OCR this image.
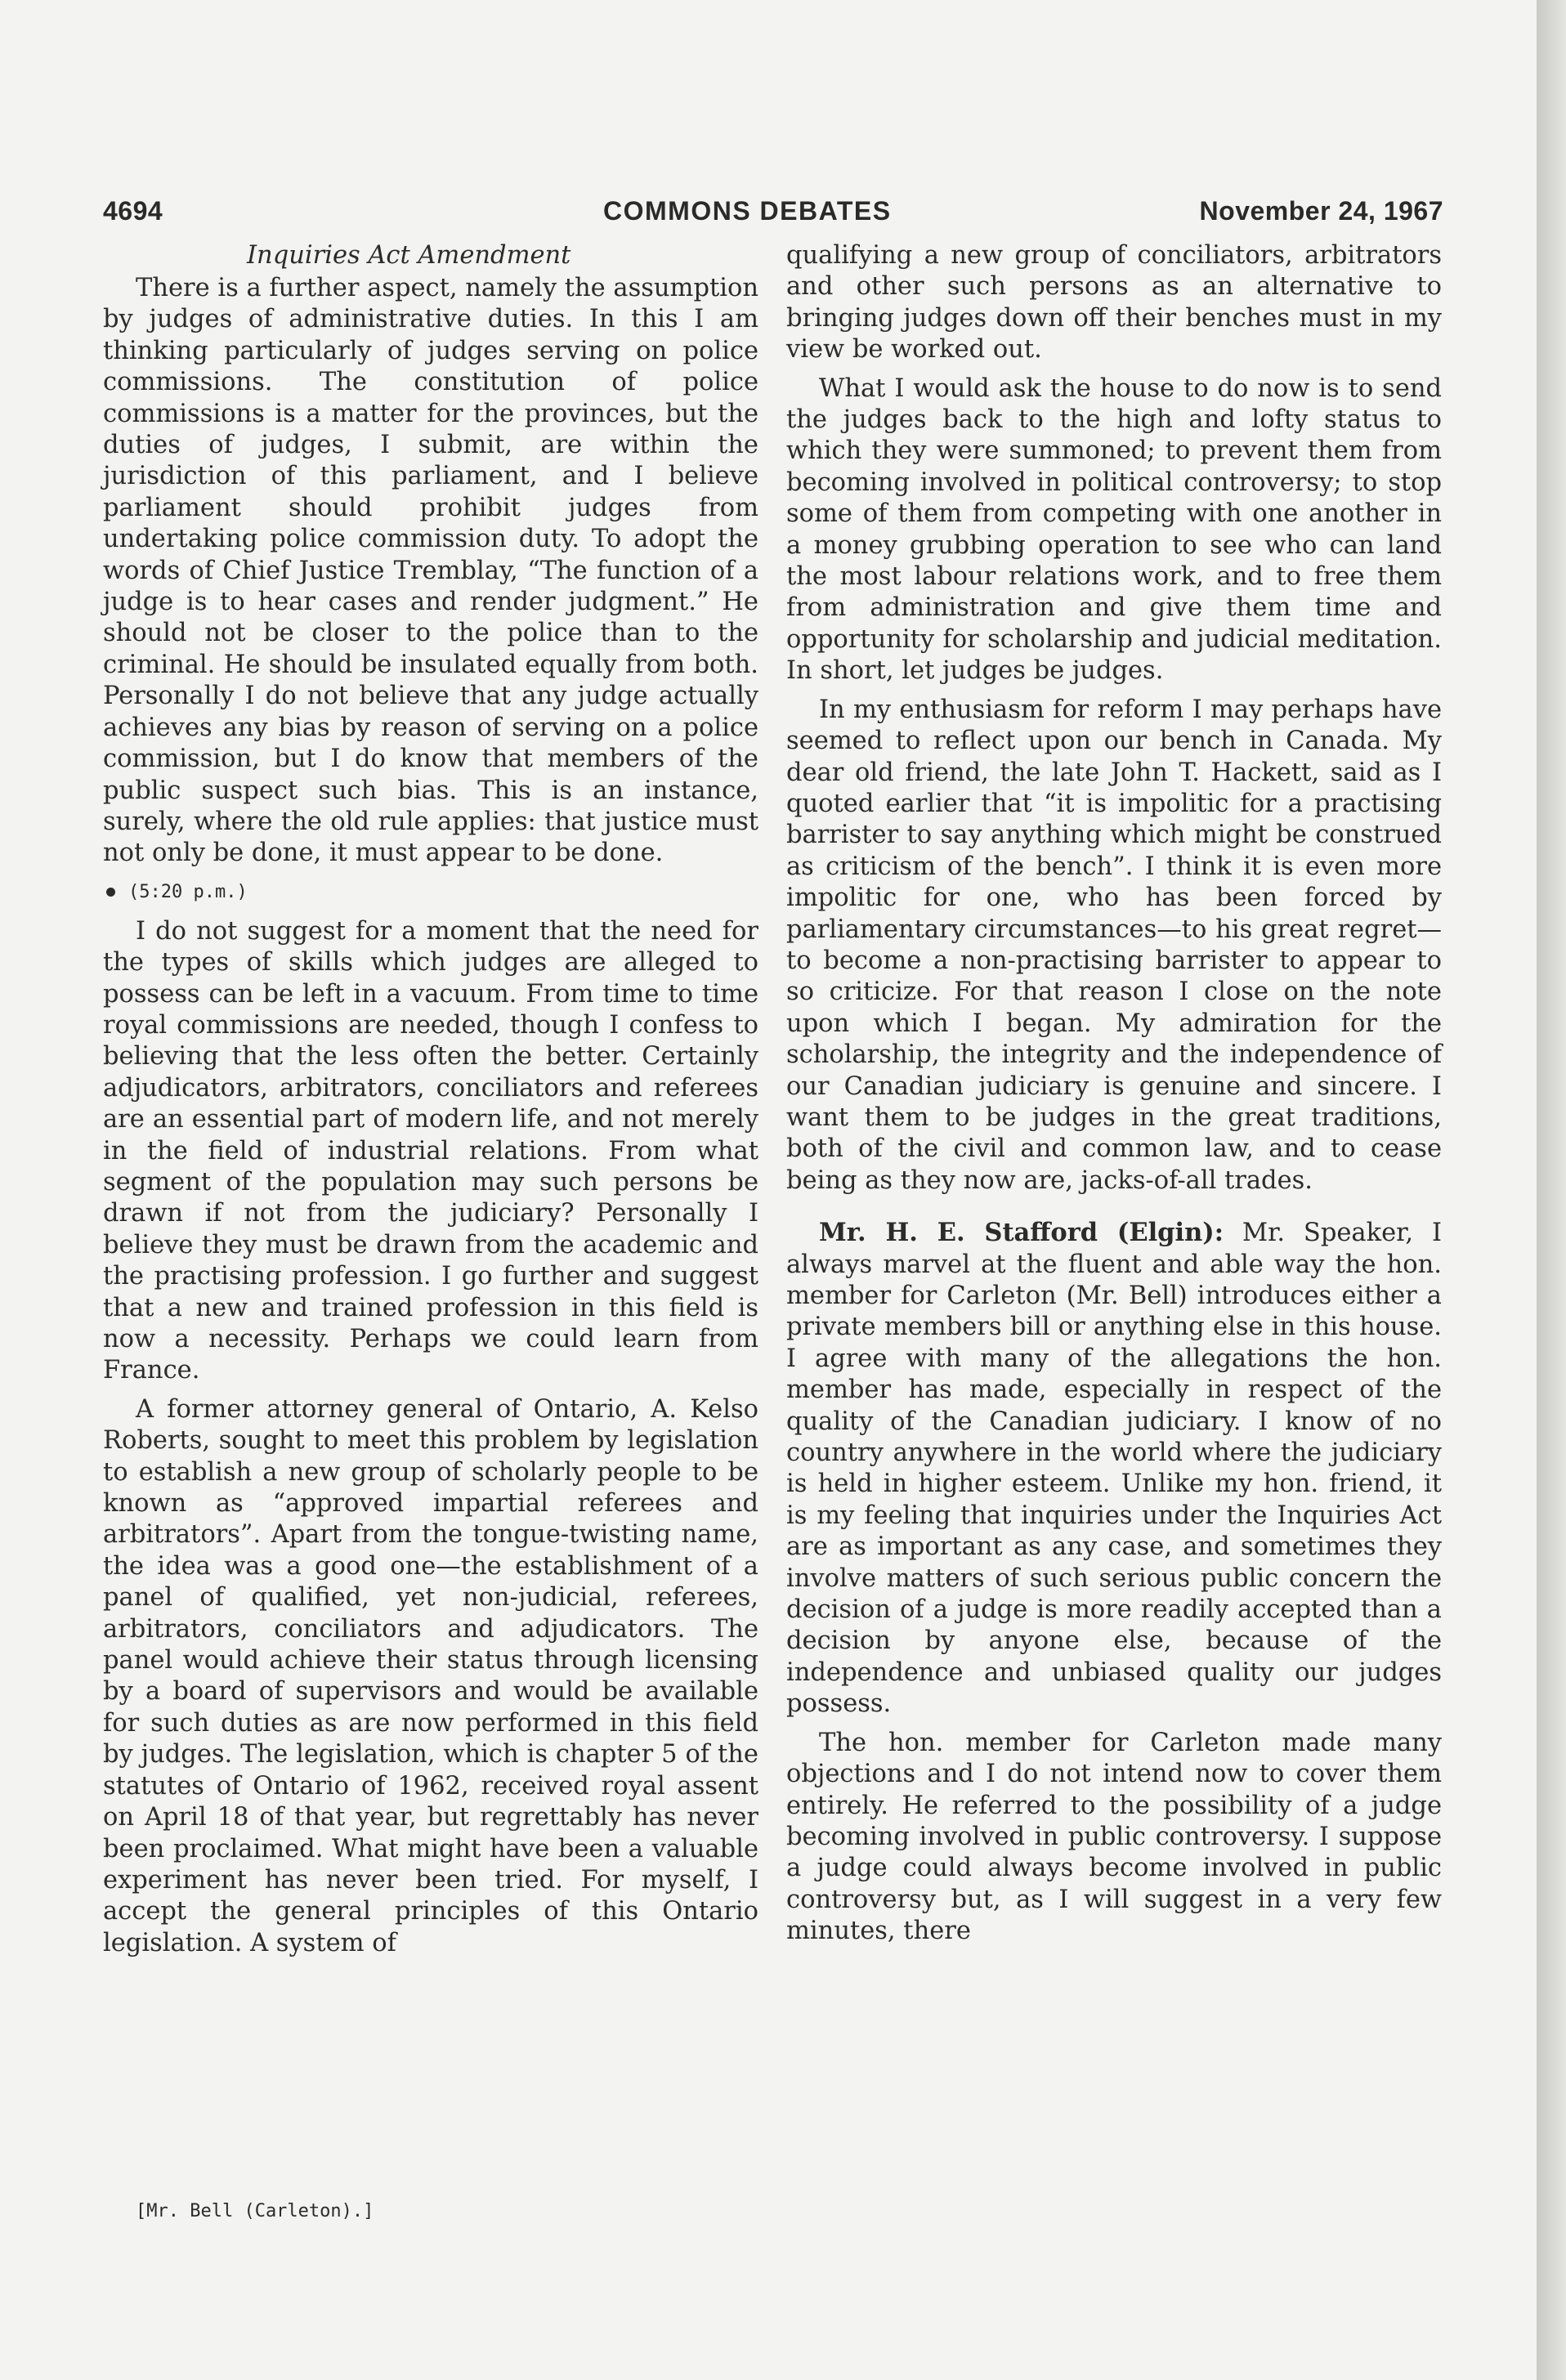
4694	COMMONS DEBATES	November 24, 1967
Inquiries Act Amendment

There is a further aspect, namely the assumption by judges of administrative duties. In this I am thinking particularly of judges serving on police commissions. The constitution of police commissions is a matter for the provinces, but the duties of judges, I submit, are within the jurisdiction of this parliament, and I believe parliament should prohibit judges from undertaking police commission duty. To adopt the words of Chief Justice Tremblay, “The function of a judge is to hear cases and render judgment.” He should not be closer to the police than to the criminal. He should be insulated equally from both. Personally I do not believe that any judge actually achieves any bias by reason of serving on a police commission, but I do know that members of the public suspect such bias. This is an instance, surely, where the old rule applies: that justice must not only be done, it must appear to be done.

(5:20 p.m.)

I do not suggest for a moment that the need for the types of skills which judges are alleged to possess can be left in a vacuum. From time to time royal commissions are needed, though I confess to believing that the less often the better. Certainly adjudicators, arbitrators, conciliators and referees are an essential part of modern life, and not merely in the field of industrial relations. From what segment of the population may such persons be drawn if not from the judiciary? Personally I believe they must be drawn from the academic and the practising profession. I go further and suggest that a new and trained profession in this field is now a necessity. Perhaps we could learn from France.

A former attorney general of Ontario, A. Kelso Roberts, sought to meet this problem by legislation to establish a new group of scholarly people to be known as “approved impartial referees and arbitrators”. Apart from the tongue-twisting name, the idea was a good one—the establishment of a panel of qualified, yet non-judicial, referees, arbitrators, conciliators and adjudicators. The panel would achieve their status through licensing by a board of supervisors and would be available for such duties as are now performed in this field by judges. The legislation, which is chapter 5 of the statutes of Ontario of 1962, received royal assent on April 18 of that year, but regrettably has never been proclaimed. What might have been a valuable experiment has never been tried. For myself, I accept the general principles of this Ontario legislation. A system of

qualifying a new group of conciliators, arbitrators and other such persons as an alternative to bringing judges down off their benches must in my view be worked out.

What I would ask the house to do now is to send the judges back to the high and lofty status to which they were summoned; to prevent them from becoming involved in political controversy; to stop some of them from competing with one another in a money grubbing operation to see who can land the most labour relations work, and to free them from administration and give them time and opportunity for scholarship and judicial meditation. In short, let judges be judges.

In my enthusiasm for reform I may perhaps have seemed to reflect upon our bench in Canada. My dear old friend, the late John T. Hackett, said as I quoted earlier that “it is impolitic for a practising barrister to say anything which might be construed as criticism of the bench”. I think it is even more impolitic for one, who has been forced by parliamentary circumstances—to his great regret—to become a non-practising barrister to appear to so criticize. For that reason I close on the note upon which I began. My admiration for the scholarship, the integrity and the independence of our Canadian judiciary is genuine and sincere. I want them to be judges in the great traditions, both of the civil and common law, and to cease being as they now are, jacks-of-all trades.

Mr. H. E. Stafford (Elgin): Mr. Speaker, I always marvel at the fluent and able way the hon. member for Carleton (Mr. Bell) introduces either a private members bill or anything else in this house. I agree with many of the allegations the hon. member has made, especially in respect of the quality of the Canadian judiciary. I know of no country anywhere in the world where the judiciary is held in higher esteem. Unlike my hon. friend, it is my feeling that inquiries under the Inquiries Act are as important as any case, and sometimes they involve matters of such serious public concern the decision of a judge is more readily accepted than a decision by anyone else, because of the independence and unbiased quality our judges possess.

The hon. member for Carleton made many objections and I do not intend now to cover them entirely. He referred to the possibility of a judge becoming involved in public controversy. I suppose a judge could always become involved in public controversy but, as I will suggest in a very few minutes, there

[Mr. Bell (Carleton).]
